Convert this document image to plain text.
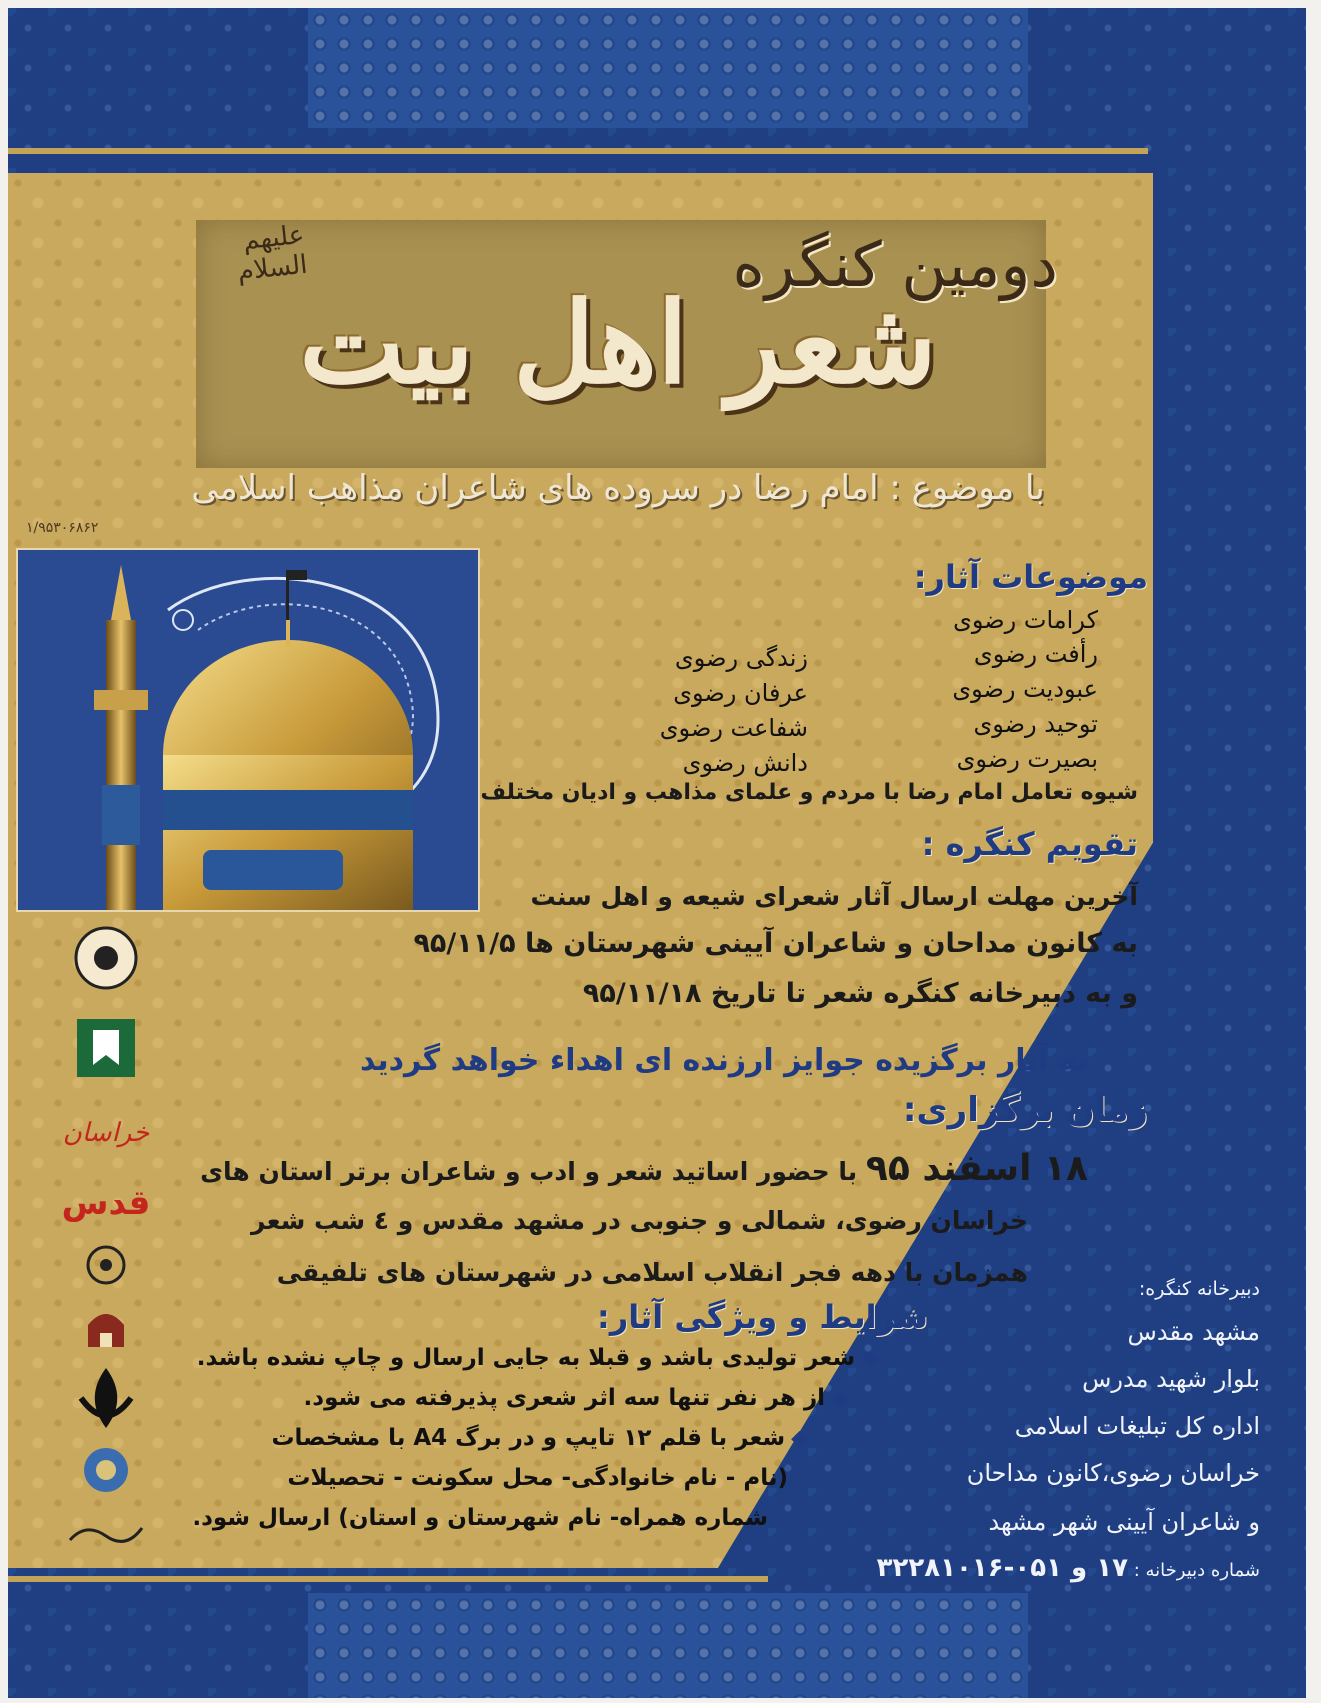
دومین کنگره
علیهم السلام
شعر اهل بیت
با موضوع : امام رضا در سروده های شاعران مذاهب اسلامی
۱/۹۵۳۰۶۸۶۲
خراسان
قدس
موضوعات آثار:
کرامات رضوی
رأفت رضوی
عبودیت رضوی
توحید رضوی
بصیرت رضوی
زندگی رضوی
عرفان رضوی
شفاعت رضوی
دانش رضوی
شیوه تعامل امام رضا با مردم و علمای مذاهب و ادیان مختلف
تقویم کنگره :
آخرین مهلت ارسال آثار شعرای شیعه و اهل سنت
به کانون مداحان و شاعران آیینی شهرستان ها ۹۵/۱۱/۵
و به دبیرخانه کنگره شعر تا تاریخ ۹۵/۱۱/۱۸
به آثار برگزیده جوایز ارزنده ای اهداء خواهد گردید
زمان برگزاری:
۱۸ اسفند ۹۵ با حضور اساتید شعر و ادب و شاعران برتر استان های
خراسان رضوی، شمالی و جنوبی در مشهد مقدس و ٤ شب شعر
همزمان با دهه فجر انقلاب اسلامی در شهرستان های تلفیقی
شرایط و ویژگی آثار:
◆شعر تولیدی باشد و قبلا به جایی ارسال و چاپ نشده باشد.
◆از هر نفر تنها سه اثر شعری پذیرفته می شود.
◆شعر با قلم ۱۲ تایپ و در برگ A4 با مشخصات
(نام - نام خانوادگی- محل سکونت - تحصیلات
شماره همراه- نام شهرستان و استان) ارسال شود.
دبیرخانه کنگره:
مشهد مقدس
بلوار شهید مدرس
اداره کل تبلیغات اسلامی
خراسان رضوی،کانون مداحان
و شاعران آیینی شهر مشهد
شماره دبیرخانه : ۱۷ و ۰۵۱-۳۲۲۸۱۰۱۶
